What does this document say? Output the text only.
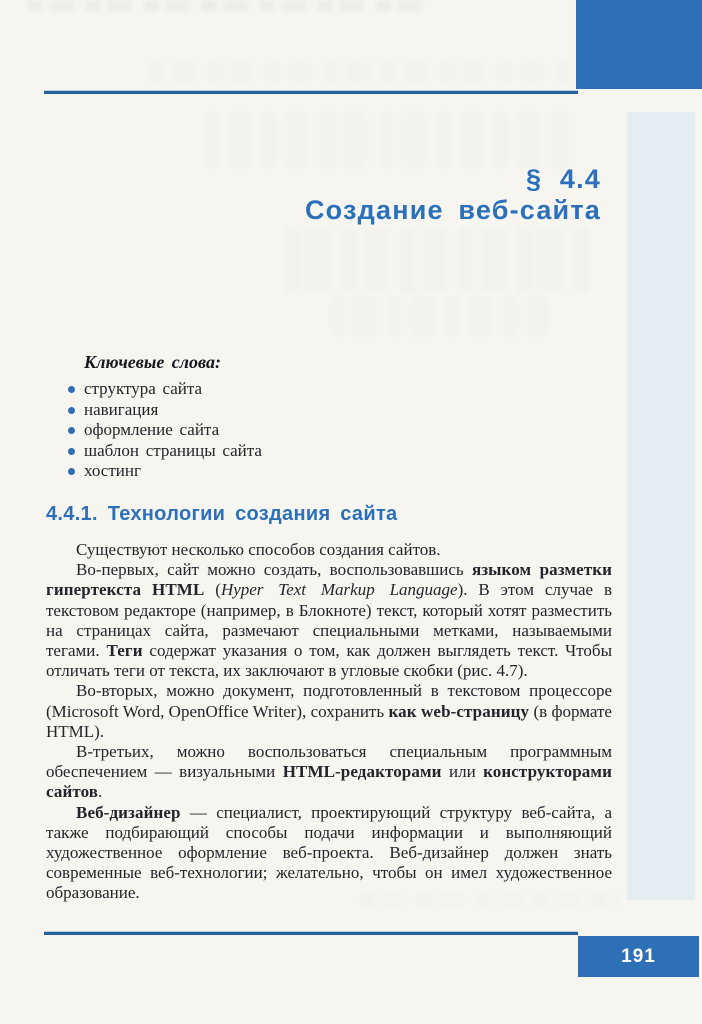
§ 4.4
Создание веб-сайта
Ключевые слова:
структура сайта
навигация
оформление сайта
шаблон страницы сайта
хостинг
4.4.1. Технологии создания сайта

Существуют несколько способов создания сайтов.

Во-первых, сайт можно создать, воспользовавшись языком разметки гипертекста HTML (Hyper Text Markup Language). В этом случае в текстовом редакторе (например, в Блокноте) текст, который хотят разместить на страницах сайта, размечают специальными метками, называемыми тегами. Теги содержат указания о том, как должен выглядеть текст. Чтобы отличать теги от текста, их заключают в угловые скобки (рис. 4.7).

Во-вторых, можно документ, подготовленный в текстовом процессоре (Microsoft Word, OpenOffice Writer), сохранить как web-страницу (в формате HTML).

В-третьих, можно воспользоваться специальным программным обеспечением — визуальными HTML-редакторами или конструкторами сайтов.

Веб-дизайнер — специалист, проектирующий структуру веб-сайта, а также подбирающий способы подачи информации и выполняющий художественное оформление веб-проекта. Веб-дизайнер должен знать современные веб-технологии; желательно, чтобы он имел художественное образование.

191
